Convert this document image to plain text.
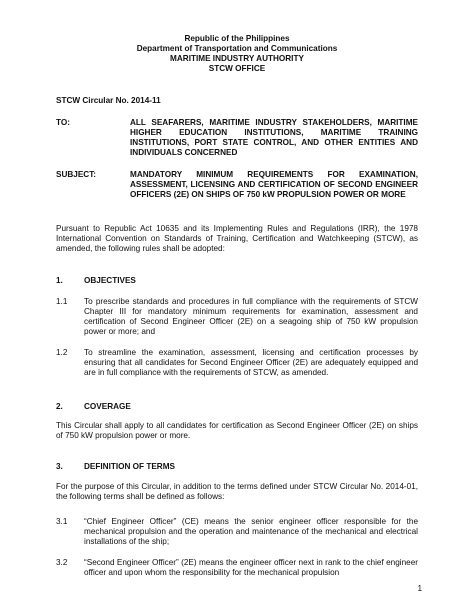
Republic of the Philippines
Department of Transportation and Communications
MARITIME INDUSTRY AUTHORITY
STCW OFFICE
STCW Circular No. 2014-11
TO:	ALL SEAFARERS, MARITIME INDUSTRY STAKEHOLDERS, MARITIME HIGHER EDUCATION INSTITUTIONS, MARITIME TRAINING INSTITUTIONS, PORT STATE CONTROL, AND OTHER ENTITIES AND INDIVIDUALS CONCERNED
SUBJECT:	MANDATORY MINIMUM REQUIREMENTS FOR EXAMINATION, ASSESSMENT, LICENSING AND CERTIFICATION OF SECOND ENGINEER OFFICERS (2E) ON SHIPS OF 750 kW PROPULSION POWER OR MORE
Pursuant to Republic Act 10635 and its Implementing Rules and Regulations (IRR), the 1978 International Convention on Standards of Training, Certification and Watchkeeping (STCW), as amended, the following rules shall be adopted:
1.	OBJECTIVES
1.1 To prescribe standards and procedures in full compliance with the requirements of STCW Chapter III for mandatory minimum requirements for examination, assessment and certification of Second Engineer Officer (2E) on a seagoing ship of 750 kW propulsion power or more; and
1.2 To streamline the examination, assessment, licensing and certification processes by ensuring that all candidates for Second Engineer Officer (2E) are adequately equipped and are in full compliance with the requirements of STCW, as amended.
2.	COVERAGE
This Circular shall apply to all candidates for certification as Second Engineer Officer (2E) on ships of 750 kW propulsion power or more.
3.	DEFINITION OF TERMS
For the purpose of this Circular, in addition to the terms defined under STCW Circular No. 2014-01, the following terms shall be defined as follows:
3.1 “Chief Engineer Officer” (CE) means the senior engineer officer responsible for the mechanical propulsion and the operation and maintenance of the mechanical and electrical installations of the ship;
3.2 “Second Engineer Officer” (2E) means the engineer officer next in rank to the chief engineer officer and upon whom the responsibility for the mechanical propulsion
1
